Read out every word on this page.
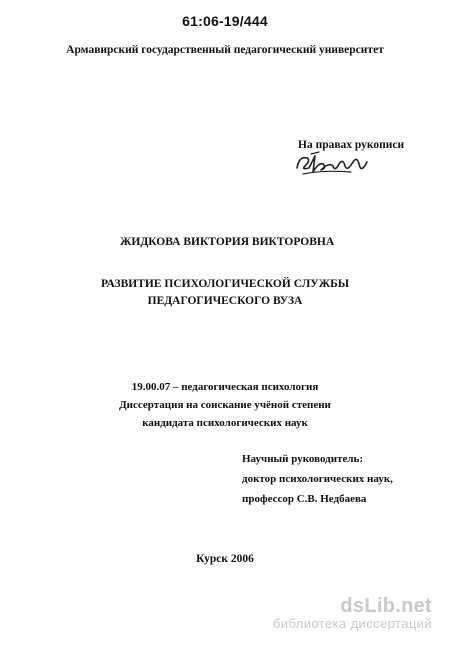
61:06-19/444
Армавирский государственный педагогический университет
На правах рукописи
ЖИДКОВА ВИКТОРИЯ ВИКТОРОВНА
РАЗВИТИЕ ПСИХОЛОГИЧЕСКОЙ СЛУЖБЫ
ПЕДАГОГИЧЕСКОГО ВУЗА
19.00.07 – педагогическая психология
Диссертация на соискание учёной степени
кандидата психологических наук
Научный руководитель:
доктор психологических наук,
профессор С.В. Недбаева
Курск 2006
dsLib.net
библиотека диссертаций
